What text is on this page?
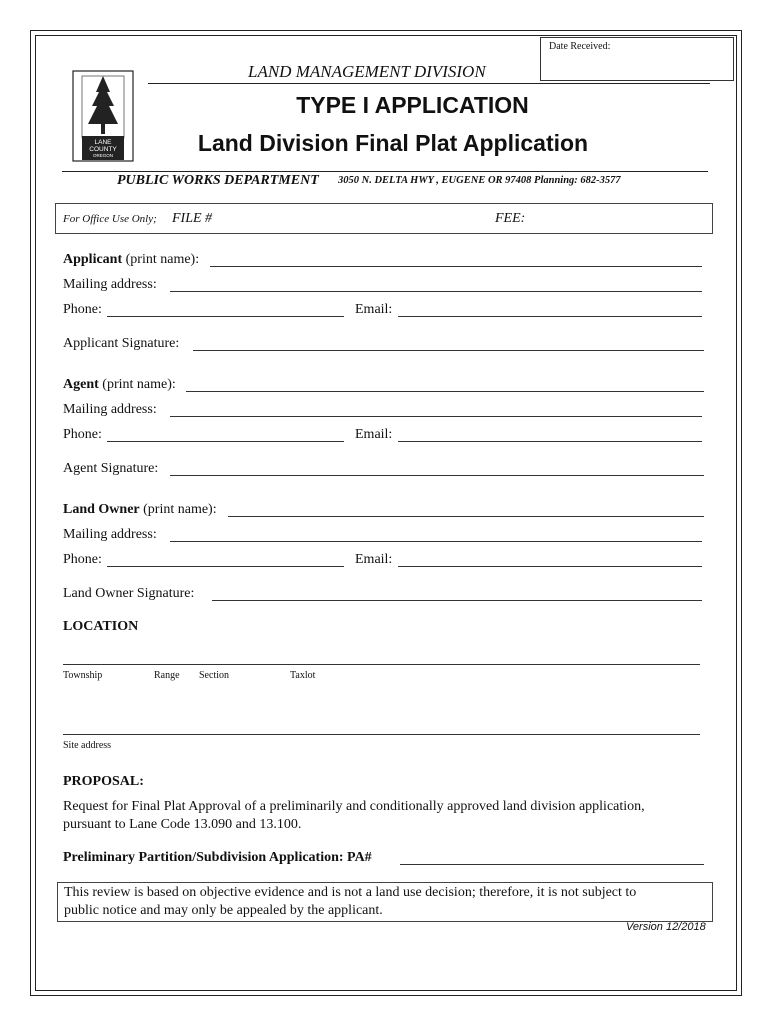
Date Received:
LANE
COUNTY
OREGON
LAND MANAGEMENT DIVISION
TYPE I APPLICATION
Land Division Final Plat Application
PUBLIC WORKS DEPARTMENT 3050 N. DELTA HWY , EUGENE OR 97408 Planning: 682-3577
For Office Use Only; FILE #	FEE:
Applicant (print name):
Mailing address:
Phone:	Email:
Applicant Signature:
Agent (print name):
Mailing address:
Phone:	Email:
Agent Signature:
Land Owner (print name):
Mailing address:
Phone:	Email:
Land Owner Signature:
LOCATION
Township	Range Section	Taxlot
Site address
PROPOSAL:
Request for Final Plat Approval of a preliminarily and conditionally approved land division application,
pursuant to Lane Code 13.090 and 13.100.
Preliminary Partition/Subdivision Application: PA#
This review is based on objective evidence and is not a land use decision; therefore, it is not subject to
public notice and may only be appealed by the applicant.
Version 12/2018
